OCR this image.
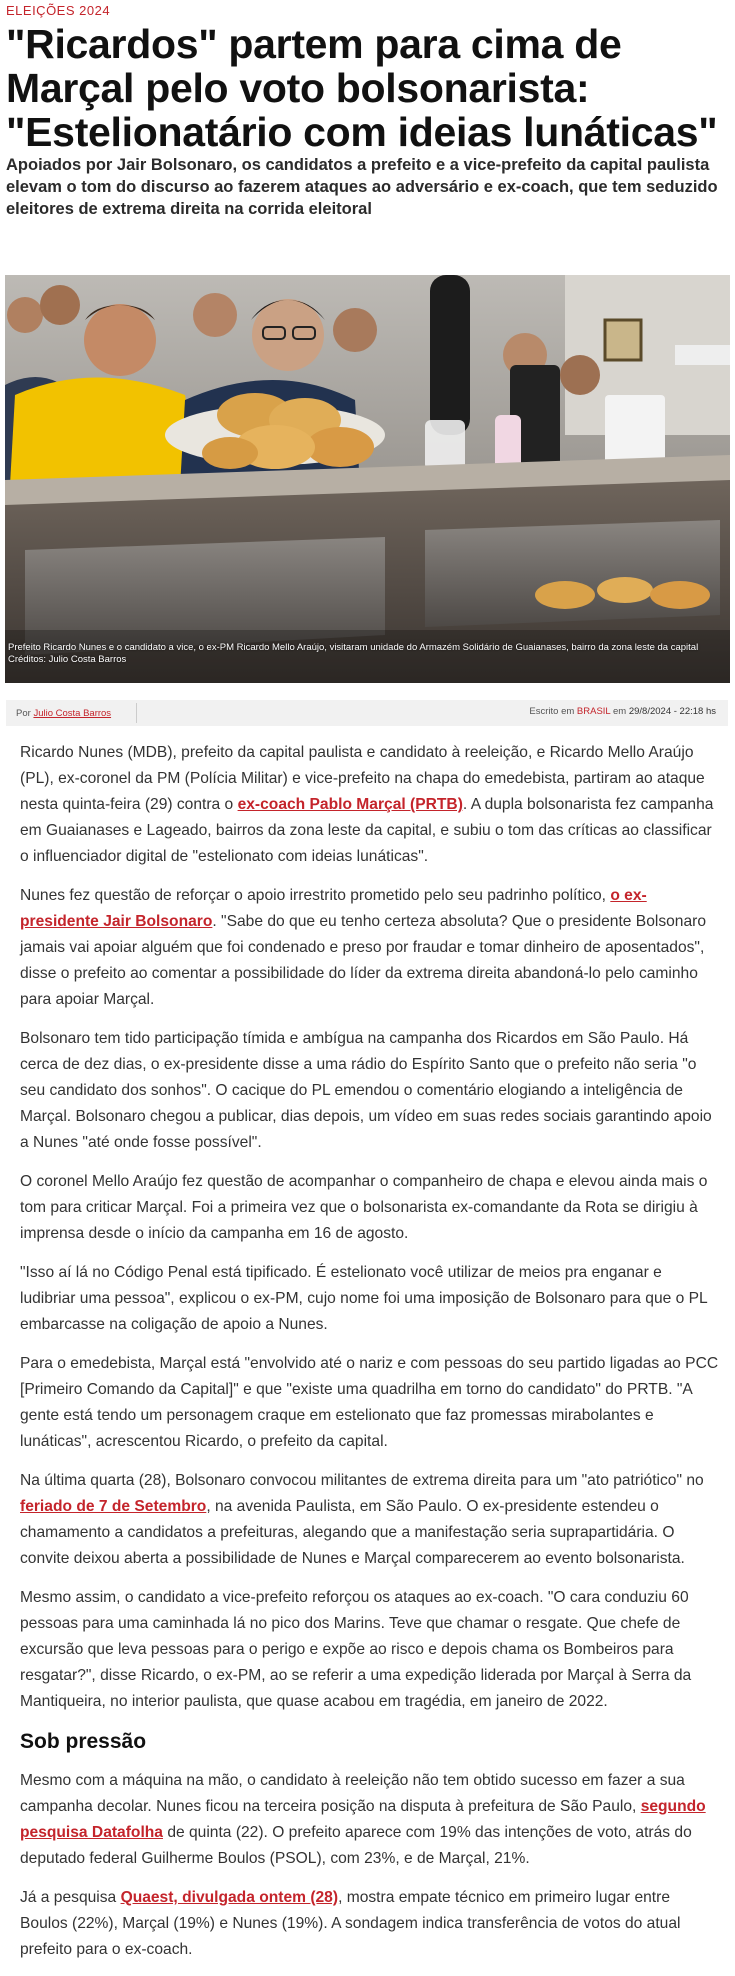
ELEIÇÕES 2024
"Ricardos" partem para cima de Marçal pelo voto bolsonarista: "Estelionatário com ideias lunáticas"

Apoiados por Jair Bolsonaro, os candidatos a prefeito e a vice-prefeito da capital paulista elevam o tom do discurso ao fazerem ataques ao adversário e ex-coach, que tem seduzido eleitores de extrema direita na corrida eleitoral

Prefeito Ricardo Nunes e o candidato a vice, o ex-PM Ricardo Mello Araújo, visitaram unidade do Armazém Solidário de Guaianases, bairro da zona leste da capital
Créditos: Julio Costa Barros
Por Julio Costa Barros	Escrito em BRASIL em 29/8/2024 - 22:18 hs

Ricardo Nunes (MDB), prefeito da capital paulista e candidato à reeleição, e Ricardo Mello Araújo (PL), ex-coronel da PM (Polícia Militar) e vice-prefeito na chapa do emedebista, partiram ao ataque nesta quinta-feira (29) contra o ex-coach Pablo Marçal (PRTB). A dupla bolsonarista fez campanha em Guaianases e Lageado, bairros da zona leste da capital, e subiu o tom das críticas ao classificar o influenciador digital de "estelionato com ideias lunáticas".

Nunes fez questão de reforçar o apoio irrestrito prometido pelo seu padrinho político, o ex-presidente Jair Bolsonaro. "Sabe do que eu tenho certeza absoluta? Que o presidente Bolsonaro jamais vai apoiar alguém que foi condenado e preso por fraudar e tomar dinheiro de aposentados", disse o prefeito ao comentar a possibilidade do líder da extrema direita abandoná-lo pelo caminho para apoiar Marçal.

Bolsonaro tem tido participação tímida e ambígua na campanha dos Ricardos em São Paulo. Há cerca de dez dias, o ex-presidente disse a uma rádio do Espírito Santo que o prefeito não seria "o seu candidato dos sonhos". O cacique do PL emendou o comentário elogiando a inteligência de Marçal. Bolsonaro chegou a publicar, dias depois, um vídeo em suas redes sociais garantindo apoio a Nunes "até onde fosse possível".

O coronel Mello Araújo fez questão de acompanhar o companheiro de chapa e elevou ainda mais o tom para criticar Marçal. Foi a primeira vez que o bolsonarista ex-comandante da Rota se dirigiu à imprensa desde o início da campanha em 16 de agosto.

"Isso aí lá no Código Penal está tipificado. É estelionato você utilizar de meios pra enganar e ludibriar uma pessoa", explicou o ex-PM, cujo nome foi uma imposição de Bolsonaro para que o PL embarcasse na coligação de apoio a Nunes.

Para o emedebista, Marçal está "envolvido até o nariz e com pessoas do seu partido ligadas ao PCC [Primeiro Comando da Capital]" e que "existe uma quadrilha em torno do candidato" do PRTB. "A gente está tendo um personagem craque em estelionato que faz promessas mirabolantes e lunáticas", acrescentou Ricardo, o prefeito da capital.

Na última quarta (28), Bolsonaro convocou militantes de extrema direita para um "ato patriótico" no feriado de 7 de Setembro, na avenida Paulista, em São Paulo. O ex-presidente estendeu o chamamento a candidatos a prefeituras, alegando que a manifestação seria suprapartidária. O convite deixou aberta a possibilidade de Nunes e Marçal comparecerem ao evento bolsonarista.

Mesmo assim, o candidato a vice-prefeito reforçou os ataques ao ex-coach. "O cara conduziu 60 pessoas para uma caminhada lá no pico dos Marins. Teve que chamar o resgate. Que chefe de excursão que leva pessoas para o perigo e expõe ao risco e depois chama os Bombeiros para resgatar?", disse Ricardo, o ex-PM, ao se referir a uma expedição liderada por Marçal à Serra da Mantiqueira, no interior paulista, que quase acabou em tragédia, em janeiro de 2022.

Sob pressão

Mesmo com a máquina na mão, o candidato à reeleição não tem obtido sucesso em fazer a sua campanha decolar. Nunes ficou na terceira posição na disputa à prefeitura de São Paulo, segundo pesquisa Datafolha de quinta (22). O prefeito aparece com 19% das intenções de voto, atrás do deputado federal Guilherme Boulos (PSOL), com 23%, e de Marçal, 21%.

Já a pesquisa Quaest, divulgada ontem (28), mostra empate técnico em primeiro lugar entre Boulos (22%), Marçal (19%) e Nunes (19%). A sondagem indica transferência de votos do atual prefeito para o ex-coach.
